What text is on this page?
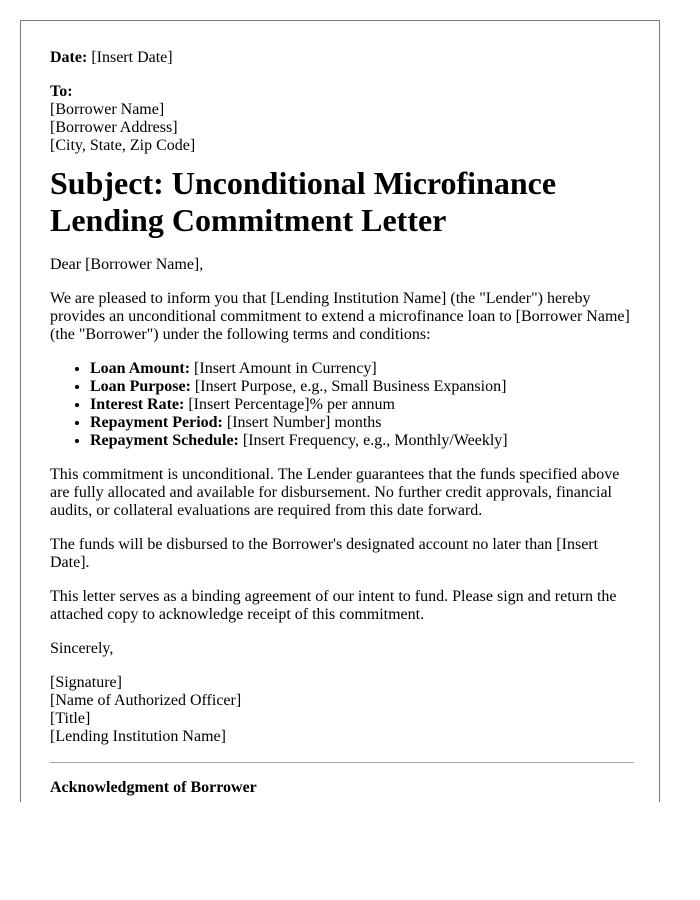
Date: [Insert Date]

To:

[Borrower Name]

[Borrower Address]

[City, State, Zip Code]

Subject: Unconditional Microfinance Lending Commitment Letter

Dear [Borrower Name],

We are pleased to inform you that [Lending Institution Name] (the "Lender") hereby provides an unconditional commitment to extend a microfinance loan to [Borrower Name] (the "Borrower") under the following terms and conditions:

• Loan Amount: [Insert Amount in Currency]
• Loan Purpose: [Insert Purpose, e.g., Small Business Expansion]
• Interest Rate: [Insert Percentage]% per annum
• Repayment Period: [Insert Number] months
• Repayment Schedule: [Insert Frequency, e.g., Monthly/Weekly]

This commitment is unconditional. The Lender guarantees that the funds specified above are fully allocated and available for disbursement. No further credit approvals, financial audits, or collateral evaluations are required from this date forward.

The funds will be disbursed to the Borrower's designated account no later than [Insert Date].

This letter serves as a binding agreement of our intent to fund. Please sign and return the attached copy to acknowledge receipt of this commitment.

Sincerely,

[Signature]

[Name of Authorized Officer]

[Title]

[Lending Institution Name]

Acknowledgment of Borrower
